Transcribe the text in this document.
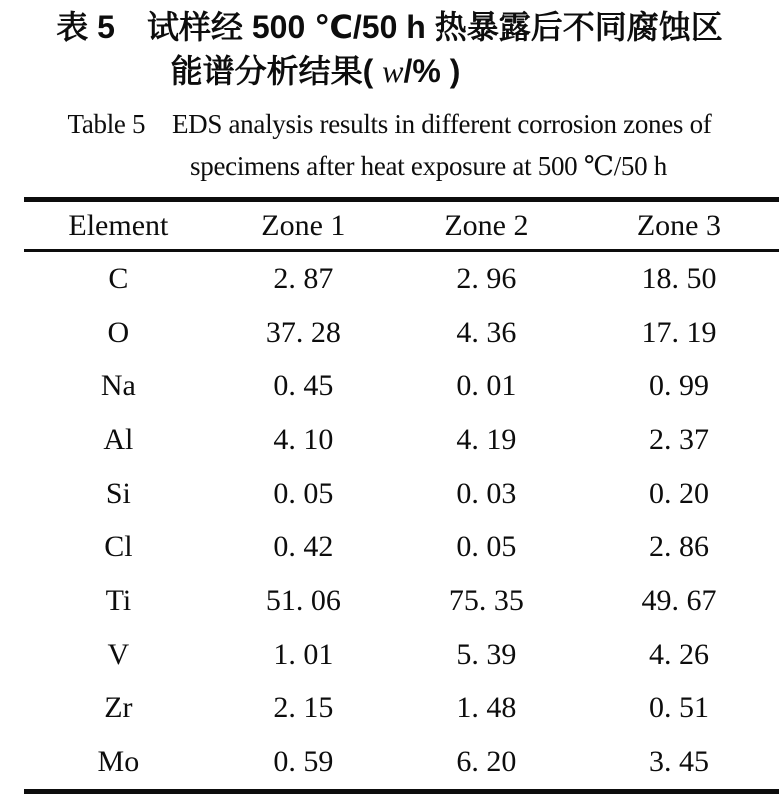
表 5　试样经 500 ℃/50 h 热暴露后不同腐蚀区
能谱分析结果( w/% )
Table 5 EDS analysis results in different corrosion zones of
specimens after heat exposure at 500 ℃/50 h
Element	Zone 1	Zone 2	Zone 3
C	2. 87	2. 96	18. 50
O	37. 28	4. 36	17. 19
Na	0. 45	0. 01	0. 99
Al	4. 10	4. 19	2. 37
Si	0. 05	0. 03	0. 20
Cl	0. 42	0. 05	2. 86
Ti	51. 06	75. 35	49. 67
V	1. 01	5. 39	4. 26
Zr	2. 15	1. 48	0. 51
Mo	0. 59	6. 20	3. 45
